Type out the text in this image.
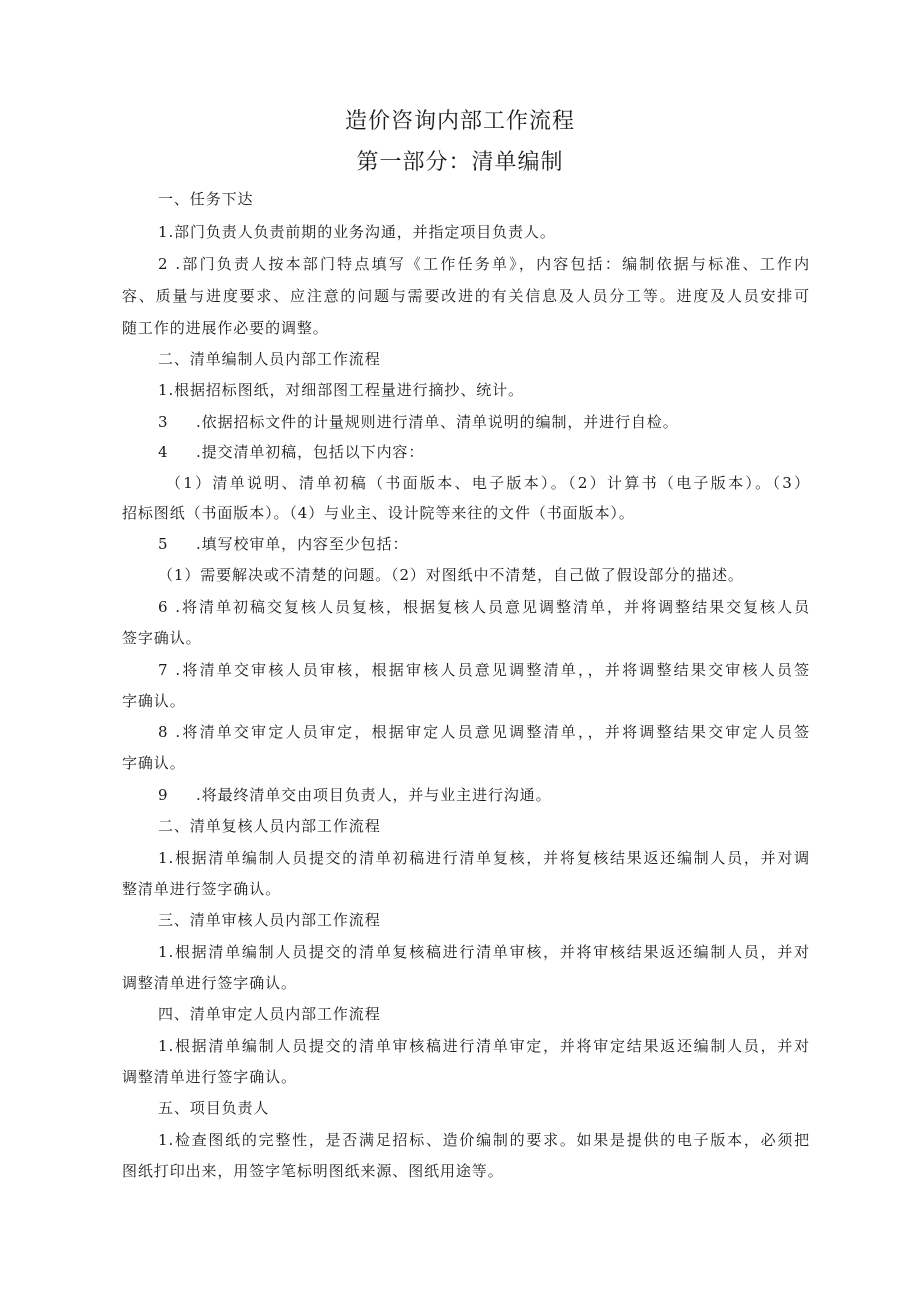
造价咨询内部工作流程
第一部分：清单编制
一、任务下达
1.部门负责人负责前期的业务沟通，并指定项目负责人。
2 .部门负责人按本部门特点填写《工作任务单》，内容包括：编制依据与标准、工作内
容、质量与进度要求、应注意的问题与需要改进的有关信息及人员分工等。进度及人员安排可
随工作的进展作必要的调整。
二、清单编制人员内部工作流程
1.根据招标图纸，对细部图工程量进行摘抄、统计。
3 .依据招标文件的计量规则进行清单、清单说明的编制，并进行自检。
4 .提交清单初稿，包括以下内容：
（1）清单说明、清单初稿（书面版本、电子版本）。（2）计算书（电子版本）。（3）
招标图纸（书面版本）。（4）与业主、设计院等来往的文件（书面版本）。
5 .填写校审单，内容至少包括：
（1）需要解决或不清楚的问题。（2）对图纸中不清楚，自己做了假设部分的描述。
6 .将清单初稿交复核人员复核，根据复核人员意见调整清单，并将调整结果交复核人员
签字确认。
7 .将清单交审核人员审核，根据审核人员意见调整清单，，并将调整结果交审核人员签
字确认。
8 .将清单交审定人员审定，根据审定人员意见调整清单，，并将调整结果交审定人员签
字确认。
9 .将最终清单交由项目负责人，并与业主进行沟通。
二、清单复核人员内部工作流程
1.根据清单编制人员提交的清单初稿进行清单复核，并将复核结果返还编制人员，并对调
整清单进行签字确认。
三、清单审核人员内部工作流程
1.根据清单编制人员提交的清单复核稿进行清单审核，并将审核结果返还编制人员，并对
调整清单进行签字确认。
四、清单审定人员内部工作流程
1.根据清单编制人员提交的清单审核稿进行清单审定，并将审定结果返还编制人员，并对
调整清单进行签字确认。
五、项目负责人
1.检查图纸的完整性，是否满足招标、造价编制的要求。如果是提供的电子版本，必须把
图纸打印出来，用签字笔标明图纸来源、图纸用途等。
